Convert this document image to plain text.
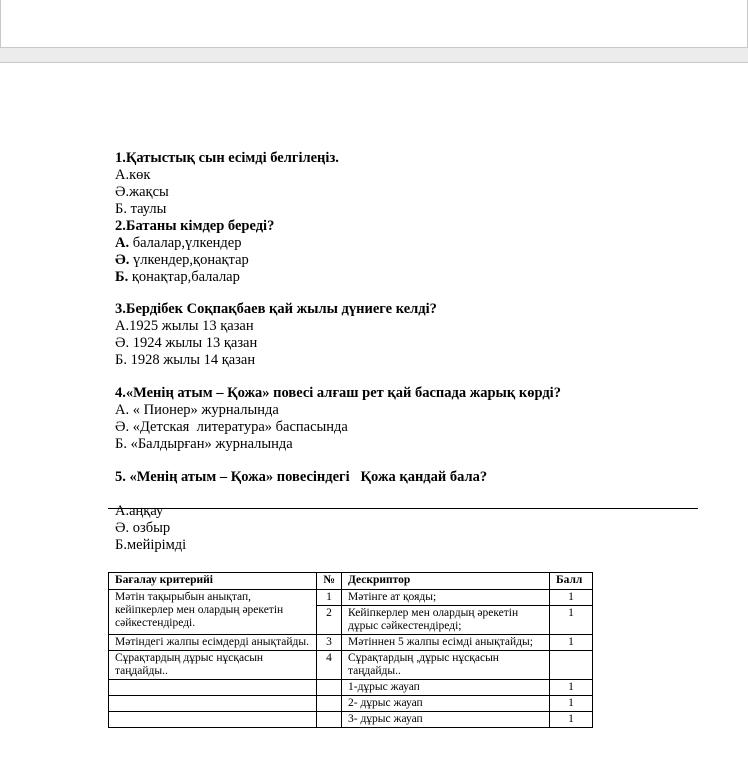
1.Қатыстық сын есімді белгілеңіз.
А.көк
Ә.жақсы
Б. таулы
2.Батаны кімдер береді?
А. балалар,үлкендер
Ә. үлкендер,қонақтар
Б. қонақтар,балалар
3.Бердібек Соқпақбаев қай жылы дүниеге келді?
А.1925 жылы 13 қазан
Ә. 1924 жылы 13 қазан
Б. 1928 жылы 14 қазан
4.«Менің атым – Қожа» повесі алғаш рет қай баспада жарық көрді?
А. « Пионер» журналында
Ә. «Детская  литература» баспасында
Б. «Балдырған» журналында
5. «Менің атым – Қожа» повесіндегі   Қожа қандай бала?
А.аңқау
Ә. озбыр
Б.мейірімді
Бағалау критерийі	№	Дескриптор	Балл
Мәтін тақырыбын анықтап, кейіпкерлер мен олардың әрекетін сәйкестендіреді.	1	Мәтінге ат қояды;	1
	2	Кейіпкерлер мен олардың әрекетін дұрыс сәйкестендіреді;	1
Мәтіндегі жалпы есімдерді анықтайды.	3	Мәтіннен 5 жалпы есімді анықтайды;	1
Сұрақтардың дұрыс нұсқасын таңдайды..	4	Сұрақтардың ,дұрыс нұсқасын таңдайды..	
		1-дұрыс жауап	1
		2- дұрыс жауап	1
		3- дұрыс жауап	1
